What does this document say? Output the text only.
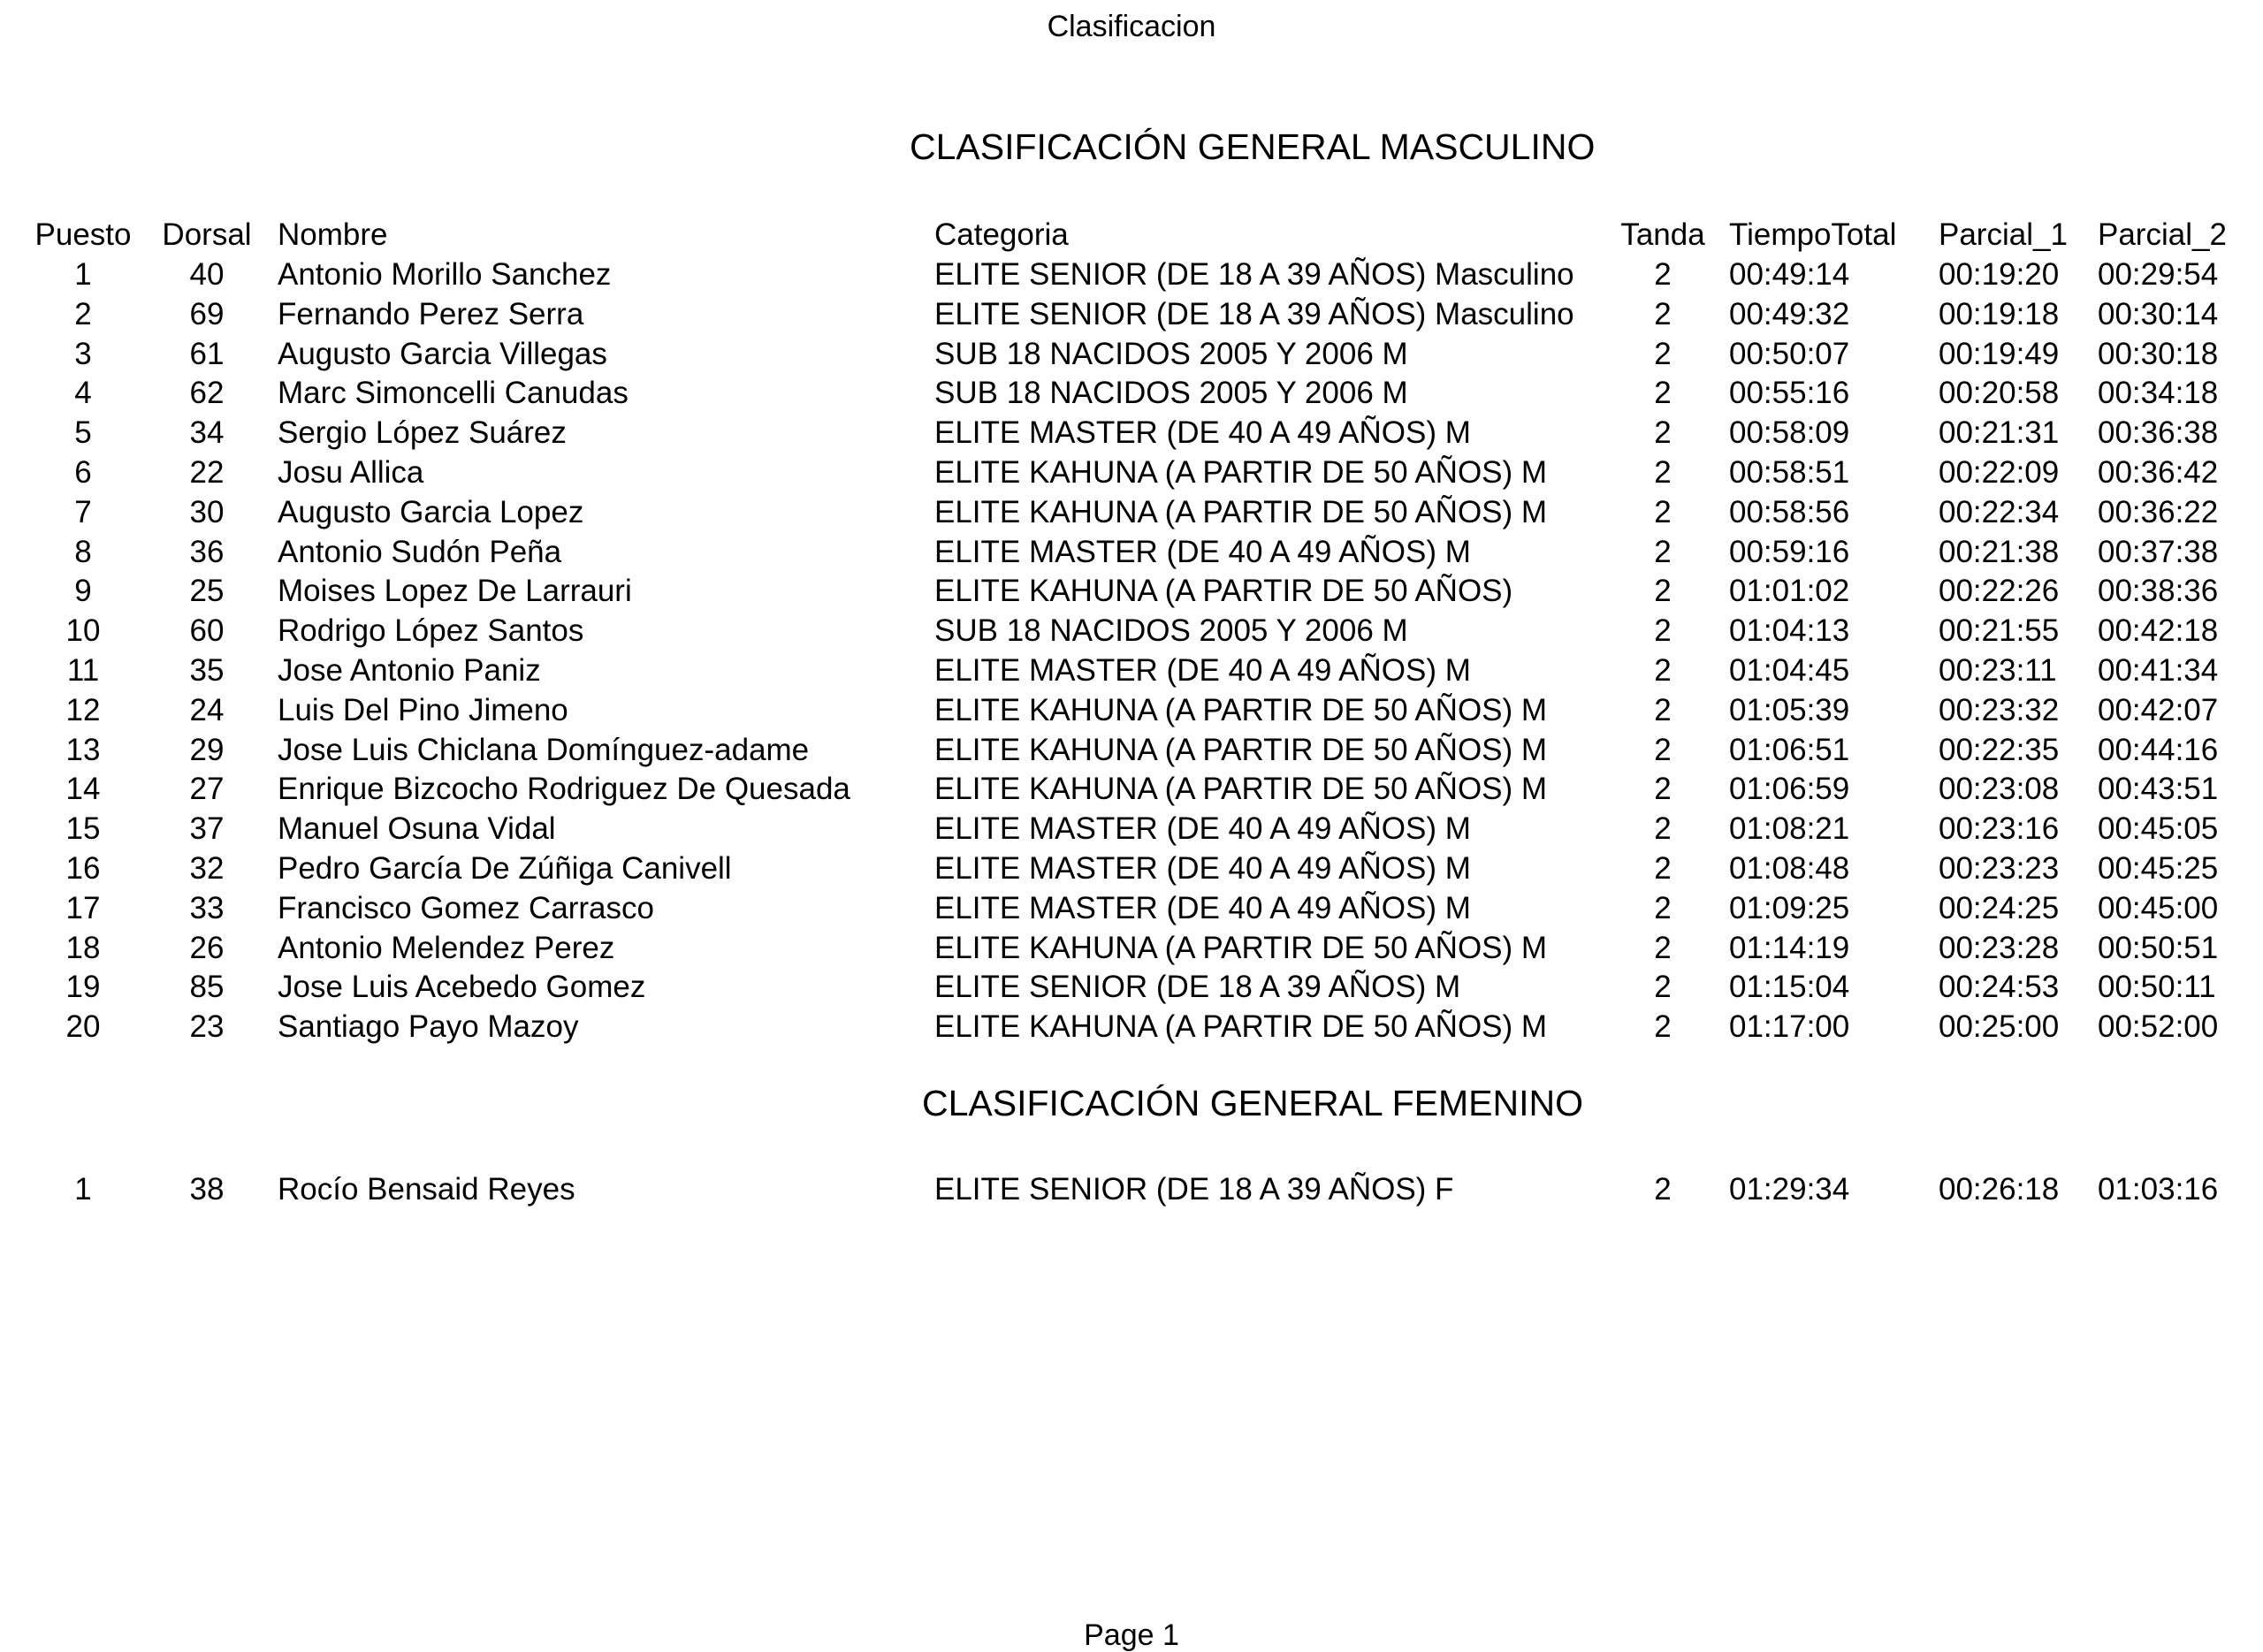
Clasificacion
CLASIFICACIÓN GENERAL MASCULINO
Puesto Dorsal Nombre	Categoria	Tanda TiempoTotal Parcial_1 Parcial_2
1	40	Antonio Morillo Sanchez	ELITE SENIOR (DE 18 A 39 AÑOS) Masculino	2	00:49:14	00:19:20 00:29:54
2	69	Fernando Perez Serra	ELITE SENIOR (DE 18 A 39 AÑOS) Masculino	2	00:49:32	00:19:18 00:30:14
3	61	Augusto Garcia Villegas	SUB 18 NACIDOS 2005 Y 2006 M	2	00:50:07	00:19:49 00:30:18
4	62	Marc Simoncelli Canudas	SUB 18 NACIDOS 2005 Y 2006 M	2	00:55:16	00:20:58 00:34:18
5	34	Sergio López Suárez	ELITE MASTER (DE 40 A 49 AÑOS) M	2	00:58:09	00:21:31 00:36:38
6	22	Josu Allica	ELITE KAHUNA (A PARTIR DE 50 AÑOS) M	2	00:58:51	00:22:09 00:36:42
7	30	Augusto Garcia Lopez	ELITE KAHUNA (A PARTIR DE 50 AÑOS) M	2	00:58:56	00:22:34 00:36:22
8	36	Antonio Sudón Peña	ELITE MASTER (DE 40 A 49 AÑOS) M	2	00:59:16	00:21:38 00:37:38
9	25	Moises Lopez De Larrauri	ELITE KAHUNA (A PARTIR DE 50 AÑOS)	2	01:01:02	00:22:26 00:38:36
10	60	Rodrigo López Santos	SUB 18 NACIDOS 2005 Y 2006 M	2	01:04:13	00:21:55 00:42:18
11	35	Jose Antonio Paniz	ELITE MASTER (DE 40 A 49 AÑOS) M	2	01:04:45	00:23:11 00:41:34
12	24	Luis Del Pino Jimeno	ELITE KAHUNA (A PARTIR DE 50 AÑOS) M	2	01:05:39	00:23:32 00:42:07
13	29	Jose Luis Chiclana Domínguez-adame	ELITE KAHUNA (A PARTIR DE 50 AÑOS) M	2	01:06:51	00:22:35 00:44:16
14	27	Enrique Bizcocho Rodriguez De Quesada	ELITE KAHUNA (A PARTIR DE 50 AÑOS) M	2	01:06:59	00:23:08 00:43:51
15	37	Manuel Osuna Vidal	ELITE MASTER (DE 40 A 49 AÑOS) M	2	01:08:21	00:23:16 00:45:05
16	32	Pedro García De Zúñiga Canivell	ELITE MASTER (DE 40 A 49 AÑOS) M	2	01:08:48	00:23:23 00:45:25
17	33	Francisco Gomez Carrasco	ELITE MASTER (DE 40 A 49 AÑOS) M	2	01:09:25	00:24:25 00:45:00
18	26	Antonio Melendez Perez	ELITE KAHUNA (A PARTIR DE 50 AÑOS) M	2	01:14:19	00:23:28 00:50:51
19	85	Jose Luis Acebedo Gomez	ELITE SENIOR (DE 18 A 39 AÑOS) M	2	01:15:04	00:24:53 00:50:11
20	23	Santiago Payo Mazoy	ELITE KAHUNA (A PARTIR DE 50 AÑOS) M	2	01:17:00	00:25:00 00:52:00
CLASIFICACIÓN GENERAL FEMENINO
1	38	Rocío Bensaid Reyes	ELITE SENIOR (DE 18 A 39 AÑOS) F	2	01:29:34	00:26:18 01:03:16
Page 1
